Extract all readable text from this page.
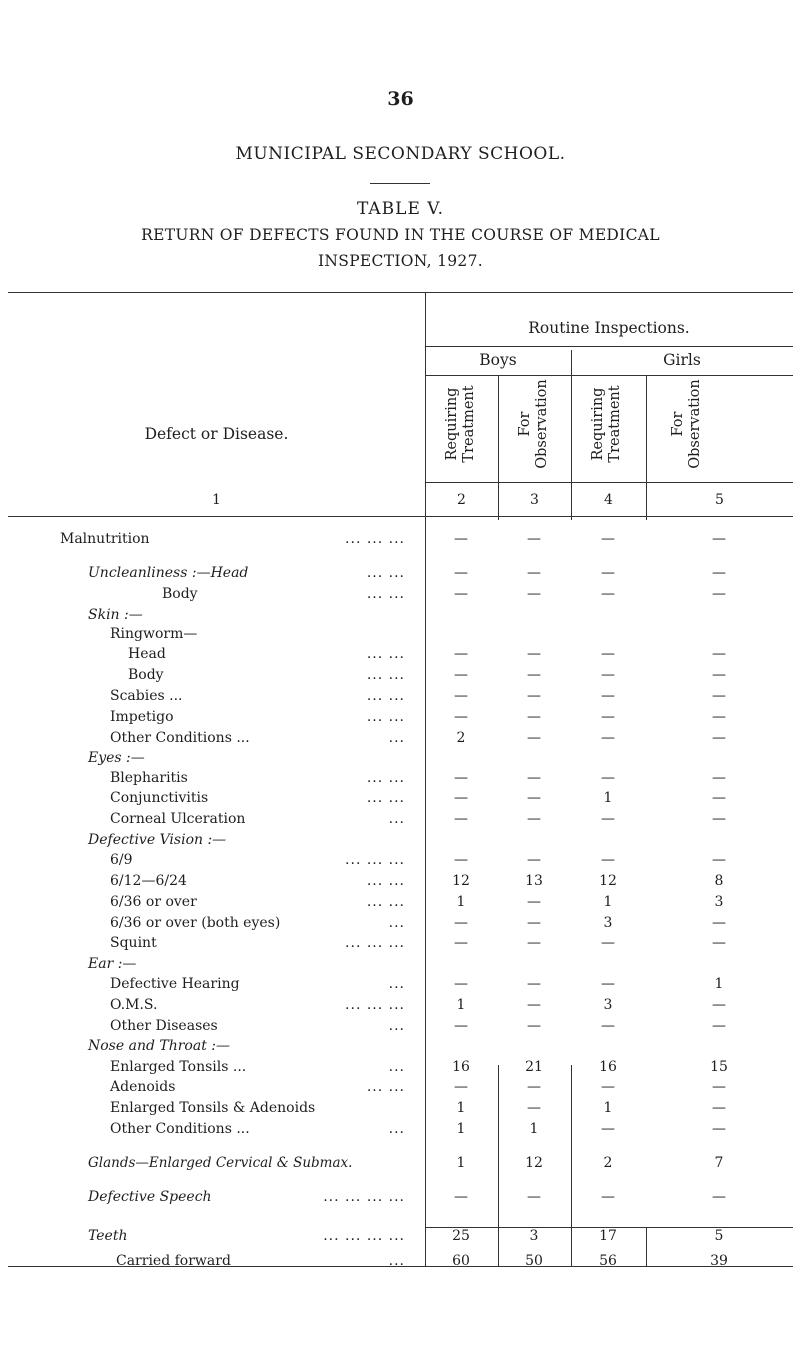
36
MUNICIPAL SECONDARY SCHOOL.
TABLE V.
RETURN OF DEFECTS FOUND IN THE COURSE OF MEDICAL
INSPECTION, 1927.
Routine Inspections.
Boys	Girls
Defect or Disease.	Requiring Treatment	For Observation	Requiring Treatment	For Observation
1	2	3	4	5
Malnutrition	... ... ...	—	—	—	—
Uncleanliness :—Head	... ...	—	—	—	—
Body	... ...	—	—	—	—
Skin :—
Ringworm—
Head	... ...	—	—	—	—
Body	... ...	—	—	—	—
Scabies ...	... ...	—	—	—	—
Impetigo	... ...	—	—	—	—
Other Conditions ...	...	2	—	—	—
Eyes :—
Blepharitis	... ...	—	—	—	—
Conjunctivitis	... ...	—	—	1	—
Corneal Ulceration	...	—	—	—	—
Defective Vision :—
6/9	... ... ...	—	—	—	—
6/12—6/24	... ...	12	13	12	8
6/36 or over	... ...	1	—	1	3
6/36 or over (both eyes)	...	—	—	3	—
Squint	... ... ...	—	—	—	—
Ear :—
Defective Hearing	...	—	—	—	1
O.M.S.	... ... ...	1	—	3	—
Other Diseases	...	—	—	—	—
Nose and Throat :—
Enlarged Tonsils ...	...	16	21	16	15
Adenoids	... ...	—	—	—	—
Enlarged Tonsils & Adenoids	1	—	1	—
Other Conditions ...	...	1	1	—	—
Glands—Enlarged Cervical & Submax.	1	12	2	7
Defective Speech	... ... ... ...	—	—	—	—
Teeth	... ... ... ...	25	3	17	5
Carried forward	...	60	50	56	39
